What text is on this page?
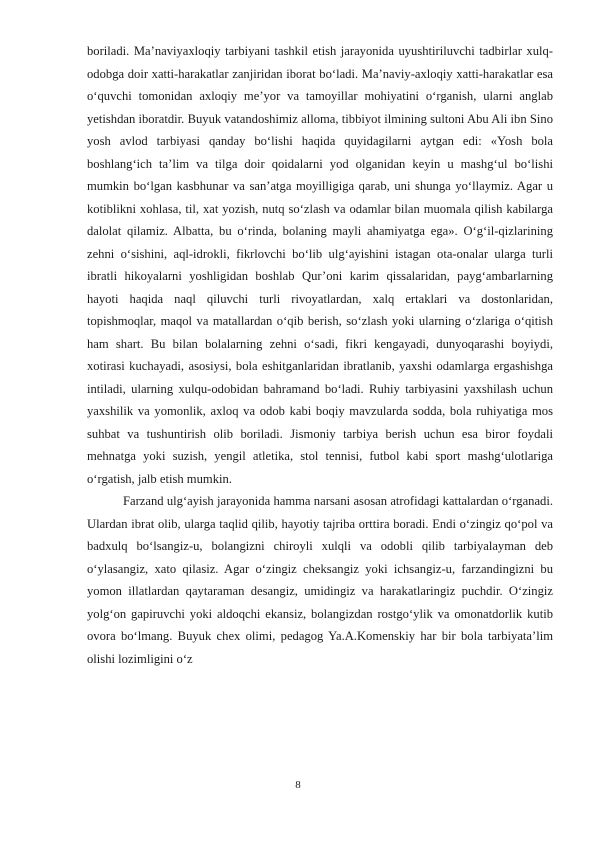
boriladi. Ma’naviyaxloqiy tarbiyani tashkil etish jarayonida uyushtiriluvchi tadbirlar xulq-odobga doir xatti-harakatlar zanjiridan iborat bo‘ladi. Ma’naviy-axloqiy xatti-harakatlar esa o‘quvchi tomonidan axloqiy me’yor va tamoyillar mohiyatini o‘rganish, ularni anglab yetishdan iboratdir. Buyuk vatandoshimiz alloma, tibbiyot ilmining sultoni Abu Ali ibn Sino yosh avlod tarbiyasi qanday bo‘lishi haqida quyidagilarni aytgan edi: «Yosh bola boshlang‘ich ta’lim va tilga doir qoidalarni yod olganidan keyin u mashg‘ul bo‘lishi mumkin bo‘lgan kasbhunar va san’atga moyilligiga qarab, uni shunga yo‘llaymiz. Agar u kotiblikni xohlasa, til, xat yozish, nutq so‘zlash va odamlar bilan muomala qilish kabilarga dalolat qilamiz. Albatta, bu o‘rinda, bolaning mayli ahamiyatga ega». O‘g‘il-qizlarining zehni o‘sishini, aql-idrokli, fikrlovchi bo‘lib ulg‘ayishini istagan ota-onalar ularga turli ibratli hikoyalarni yoshligidan boshlab Qur’oni karim qissalaridan, payg‘ambarlarning hayoti haqida naql qiluvchi turli rivoyatlardan, xalq ertaklari va dostonlaridan, topishmoqlar, maqol va matallardan o‘qib berish, so‘zlash yoki ularning o‘zlariga o‘qitish ham shart. Bu bilan bolalarning zehni o‘sadi, fikri kengayadi, dunyoqarashi boyiydi, xotirasi kuchayadi, asosiysi, bola eshitganlaridan ibratlanib, yaxshi odamlarga ergashishga intiladi, ularning xulqu-odobidan bahramand bo‘ladi. Ruhiy tarbiyasini yaxshilash uchun yaxshilik va yomonlik, axloq va odob kabi boqiy mavzularda sodda, bola ruhiyatiga mos suhbat va tushuntirish olib boriladi. Jismoniy tarbiya berish uchun esa biror foydali mehnatga yoki suzish, yengil atletika, stol tennisi, futbol kabi sport mashg‘ulotlariga o‘rgatish, jalb etish mumkin.

Farzand ulg‘ayish jarayonida hamma narsani asosan atrofidagi kattalardan o‘rganadi. Ulardan ibrat olib, ularga taqlid qilib, hayotiy tajriba orttira boradi. Endi o‘zingiz qo‘pol va badxulq bo‘lsangiz-u, bolangizni chiroyli xulqli va odobli qilib tarbiyalayman deb o‘ylasangiz, xato qilasiz. Agar o‘zingiz cheksangiz yoki ichsangiz-u, farzandingizni bu yomon illatlardan qaytaraman desangiz, umidingiz va harakatlaringiz puchdir. O‘zingiz yolg‘on gapiruvchi yoki aldoqchi ekansiz, bolangizdan rostgo‘ylik va omonatdorlik kutib ovora bo‘lmang. Buyuk chex olimi, pedagog Ya.A.Komenskiy har bir bola tarbiyata’lim olishi lozimligini o‘z

8
